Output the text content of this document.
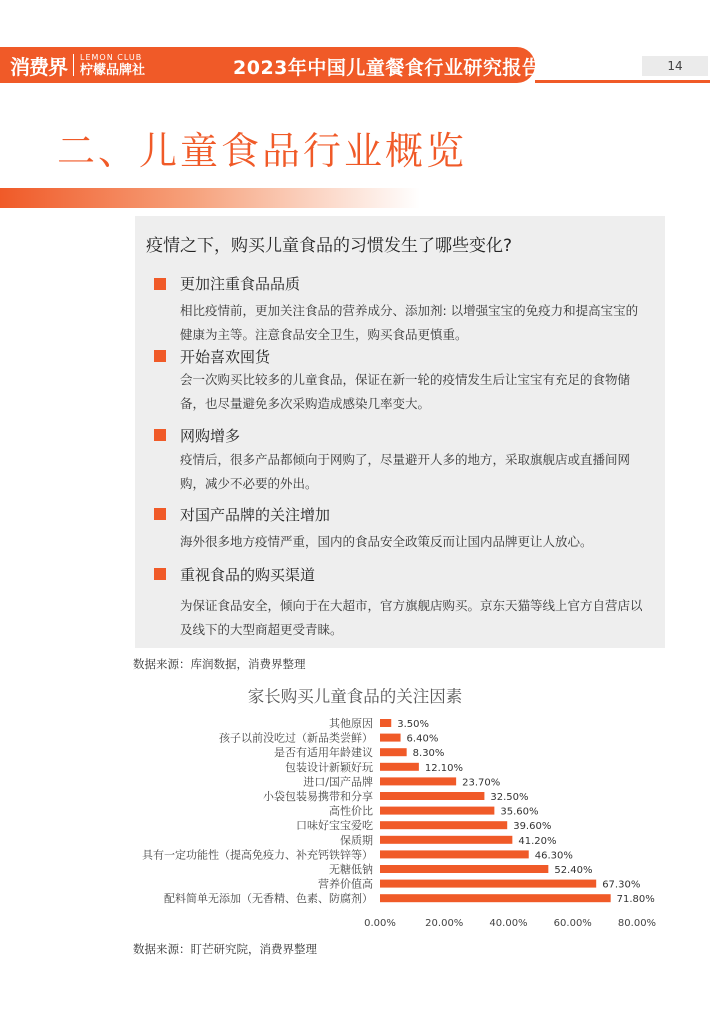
消费界 LEMON CLUB
柠檬品牌社	2023年中国儿童餐食行业研究报告	14
二、儿童食品行业概览
疫情之下，购买儿童食品的习惯发生了哪些变化?
更加注重食品品质
相比疫情前，更加关注食品的营养成分、添加剂: 以增强宝宝的免疫力和提高宝宝的健康为主等。注意食品安全卫生，购买食品更慎重。
开始喜欢囤货
会一次购买比较多的儿童食品，保证在新一轮的疫情发生后让宝宝有充足的食物储备，也尽量避免多次采购造成感染几率变大。
网购增多
疫情后，很多产品都倾向于网购了，尽量避开人多的地方，采取旗舰店或直播间网购，减少不必要的外出。
对国产品牌的关注增加
海外很多地方疫情严重，国内的食品安全政策反而让国内品牌更让人放心。
重视食品的购买渠道
为保证食品安全，倾向于在大超市，官方旗舰店购买。京东天猫等线上官方自营店以及线下的大型商超更受青睐。
数据来源：库润数据，消费界整理
家长购买儿童食品的关注因素
其他原因 3.50%
孩子以前没吃过（新品类尝鲜）	6.40%
是否有适用年龄建议	8.30%
包装设计新颖好玩	12.10%
进口/国产品牌	23.70%
小袋包装易携带和分享	32.50%
高性价比	35.60%
口味好宝宝爱吃	39.60%
保质期	41.20%
具有一定功能性（提高免疫力、补充钙铁锌等）	46.30%
无糖低钠	52.40%
营养价值高	67.30%
配料简单无添加（无香精、色素、防腐剂）	71.80%
0.00%	20.00%	40.00%	60.00%	80.00%
数据来源：盯芒研究院，消费界整理
